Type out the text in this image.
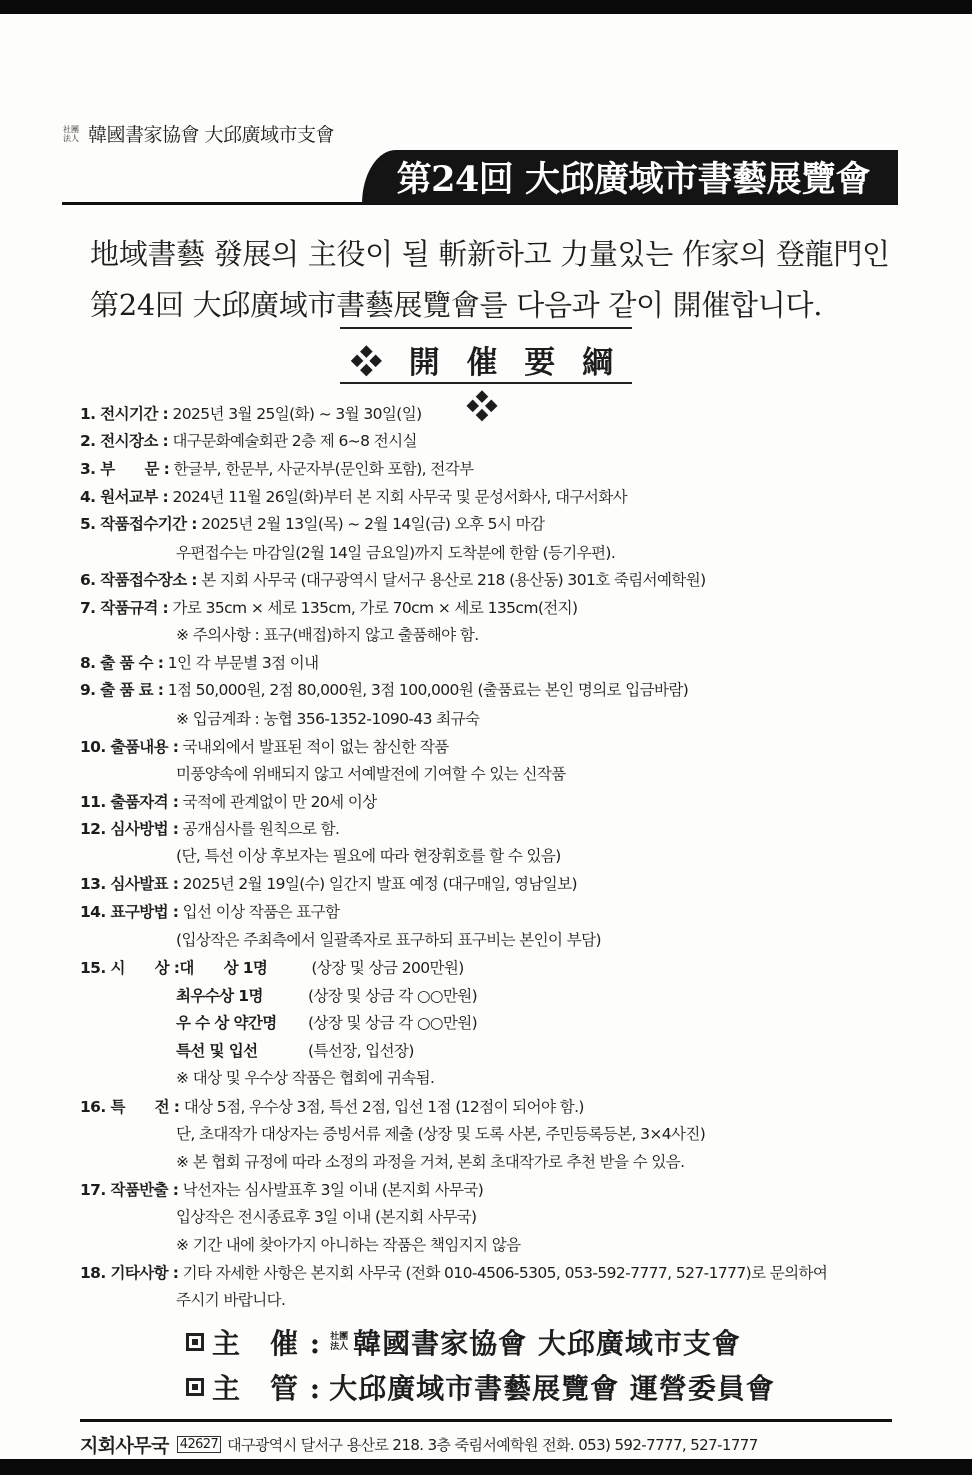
社團法人 韓國書家協會 大邱廣域市支會
第24回 大邱廣域市書藝展覽會
地域書藝 發展의 主役이 될 斬新하고 力量있는 作家의 登龍門인
第24回 大邱廣域市書藝展覽會를 다음과 같이 開催합니다.
❖ 開 催 要 綱 ❖
1. 전시기간 : 2025년 3월 25일(화) ~ 3월 30일(일)
2. 전시장소 : 대구문화예술회관 2층 제 6~8 전시실
3. 부　　문 : 한글부, 한문부, 사군자부(문인화 포함), 전각부
4. 원서교부 : 2024년 11월 26일(화)부터 본 지회 사무국 및 문성서화사, 대구서화사
5. 작품접수기간 : 2025년 2월 13일(목) ~ 2월 14일(금) 오후 5시 마감
우편접수는 마감일(2월 14일 금요일)까지 도착분에 한함 (등기우편).
6. 작품접수장소 : 본 지회 사무국 (대구광역시 달서구 용산로 218 (용산동) 301호 죽림서예학원)
7. 작품규격 : 가로 35cm × 세로 135cm, 가로 70cm × 세로 135cm(전지)
※ 주의사항 : 표구(배접)하지 않고 출품해야 함.
8. 출 품 수 : 1인 각 부문별 3점 이내
9. 출 품 료 : 1점 50,000원, 2점 80,000원, 3점 100,000원 (출품료는 본인 명의로 입금바람)
※ 입금계좌 : 농협 356-1352-1090-43 최규숙
10. 출품내용 : 국내외에서 발표된 적이 없는 참신한 작품
미풍양속에 위배되지 않고 서예발전에 기여할 수 있는 신작품
11. 출품자격 : 국적에 관계없이 만 20세 이상
12. 심사방법 : 공개심사를 원칙으로 함.
(단, 특선 이상 후보자는 필요에 따라 현장휘호를 할 수 있음)
13. 심사발표 : 2025년 2월 19일(수) 일간지 발표 예정 (대구매일, 영남일보)
14. 표구방법 : 입선 이상 작품은 표구함
(입상작은 주최측에서 일괄족자로 표구하되 표구비는 본인이 부담)
15. 시　　상 :대　　상 1명	(상장 및 상금 200만원)
최우수상 1명	(상장 및 상금 각 ○○만원)
우 수 상 약간명 (상장 및 상금 각 ○○만원)
특선 및 입선	(특선장, 입선장)
※ 대상 및 우수상 작품은 협회에 귀속됨.
16. 특　　전 : 대상 5점, 우수상 3점, 특선 2점, 입선 1점 (12점이 되어야 함.)
단, 초대작가 대상자는 증빙서류 제출 (상장 및 도록 사본, 주민등록등본, 3×4사진)
※ 본 협회 규정에 따라 소정의 과정을 거쳐, 본회 초대작가로 추천 받을 수 있음.
17. 작품반출 : 낙선자는 심사발표후 3일 이내 (본지회 사무국)
입상작은 전시종료후 3일 이내 (본지회 사무국)
※ 기간 내에 찾아가지 아니하는 작품은 책임지지 않음
18. 기타사항 : 기타 자세한 사항은 본지회 사무국 (전화 010-4506-5305, 053-592-7777, 527-1777)로 문의하여
주시기 바랍니다.
主　催 : 社團法人 韓國書家協會 大邱廣域市支會
主　管 : 大邱廣域市書藝展覽會 運營委員會
지회사무국 42627 대구광역시 달서구 용산로 218. 3층 죽림서예학원 전화. 053) 592-7777, 527-1777
